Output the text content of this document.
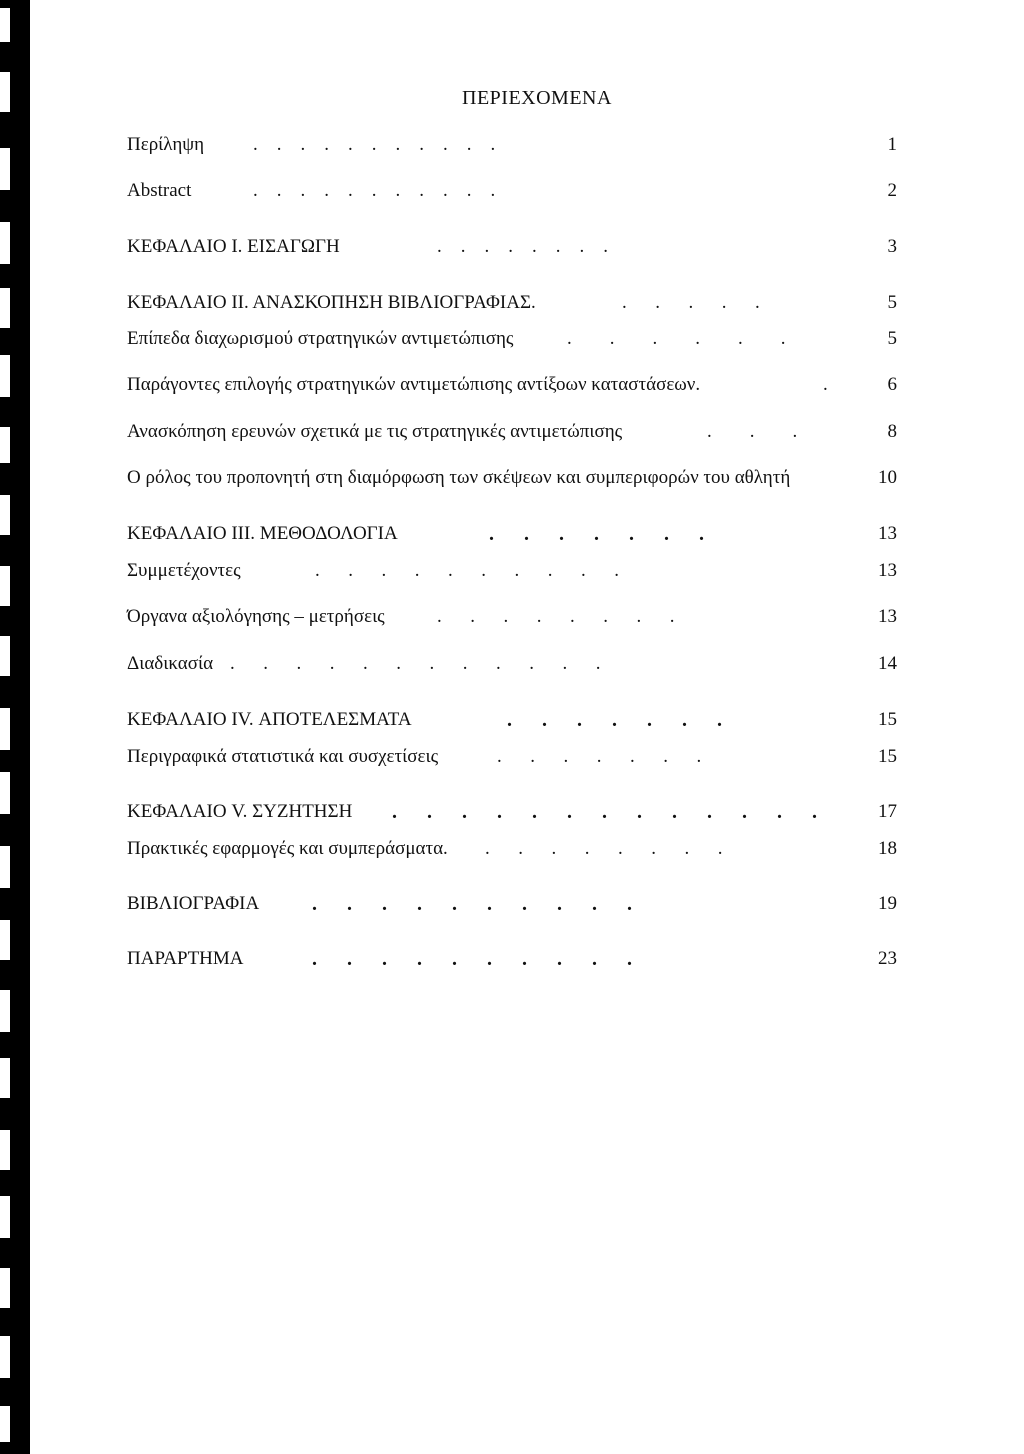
ΠΕΡΙΕΧΟΜΕΝΑ
Περίληψη	. . . . . . . . . . .	1
Abstract	. . . . . . . . . . .	2
ΚΕΦΑΛΑΙΟ Ι. ΕΙΣΑΓΩΓΗ	. . . . . . . .	3
ΚΕΦΑΛΑΙΟ ΙΙ. ΑΝΑΣΚΟΠΗΣΗ ΒΙΒΛΙΟΓΡΑΦΙΑΣ.	.  .  .  .  .	5
Επίπεδα διαχωρισμού στρατηγικών αντιμετώπισης	.   .   .   .   .   .	5
Παράγοντες επιλογής στρατηγικών αντιμετώπισης αντίξοων καταστάσεων.	.	6
Ανασκόπηση ερευνών σχετικά με τις στρατηγικές αντιμετώπισης	.   .   .	8
Ο ρόλος του προπονητή στη διαμόρφωση των σκέψεων και συμπεριφορών του αθλητή	10
ΚΕΦΑΛΑΙΟ III. ΜΕΘΟΔΟΛΟΓΙΑ	.  .  .  .  .  .  .	13
Συμμετέχοντες	.  .  .  .  .  .  .  .  .  .	13
Όργανα αξιολόγησης – μετρήσεις	.  .  .  .  .  .  .  .	13
Διαδικασία .  .  .  .  .  .  .  .  .  .  .  .	14
ΚΕΦΑΛΑΙΟ IV. ΑΠΟΤΕΛΕΣΜΑΤΑ	.  .  .  .  .  .  .	15
Περιγραφικά στατιστικά και συσχετίσεις	.  .  .  .  .  .  .	15
ΚΕΦΑΛΑΙΟ V. ΣΥΖΗΤΗΣΗ .  .  .  .  .  .  .  .  .  .  .  .  .	17
Πρακτικές εφαρμογές και συμπεράσματα. .  .  .  .  .  .  .  .	18
ΒΙΒΛΙΟΓΡΑΦΙΑ	.  .  .  .  .  .  .  .  .  .	19
ΠΑΡΑΡΤΗΜΑ	.  .  .  .  .  .  .  .  .  .	23
